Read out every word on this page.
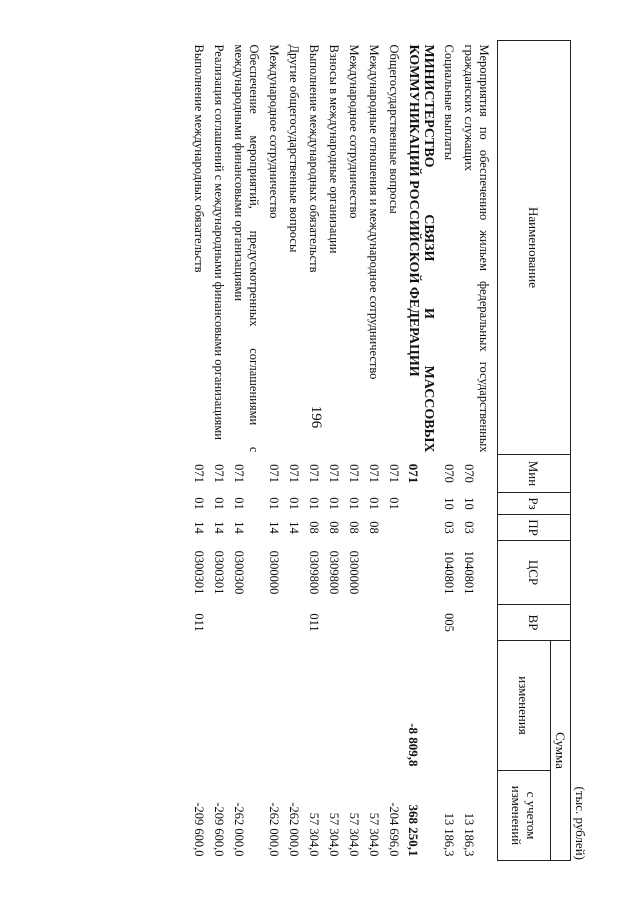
196
(тыс. рублей)
Наименование	Мин	Рз	ПР	ЦСР	ВР	Сумма	
						изменения	с учетом изменений
Мероприятия по обеспечению жильем федеральных государственных гражданских служащих	070	10	03	1040801			13 186,3
Социальные выплаты	070	10	03	1040801	005		13 186,3
МИНИСТЕРСТВО СВЯЗИ И МАССОВЫХ КОММУНИКАЦИЙ РОССИЙСКОЙ ФЕДЕРАЦИИ	071					-8 809,8	368 250,1
Общегосударственные вопросы	071	01					-204 696,0
Международные отношения и международное сотрудничество	071	01	08				57 304,0
Международное сотрудничество	071	01	08	0300000			57 304,0
Взносы в международные организации	071	01	08	0309800			57 304,0
Выполнение международных обязательств	071	01	08	0309800	011		57 304,0
Другие общегосударственные вопросы	071	01	14				-262 000,0
Международное сотрудничество	071	01	14	0300000			-262 000,0
Обеспечение мероприятий, предусмотренных соглашениями с международными финансовыми организациями	071	01	14	0300300			-262 000,0
Реализация соглашений с международными финансовыми организациями	071	01	14	0300301			-209 600,0
Выполнение международных обязательств	071	01	14	0300301	011		-209 600,0
